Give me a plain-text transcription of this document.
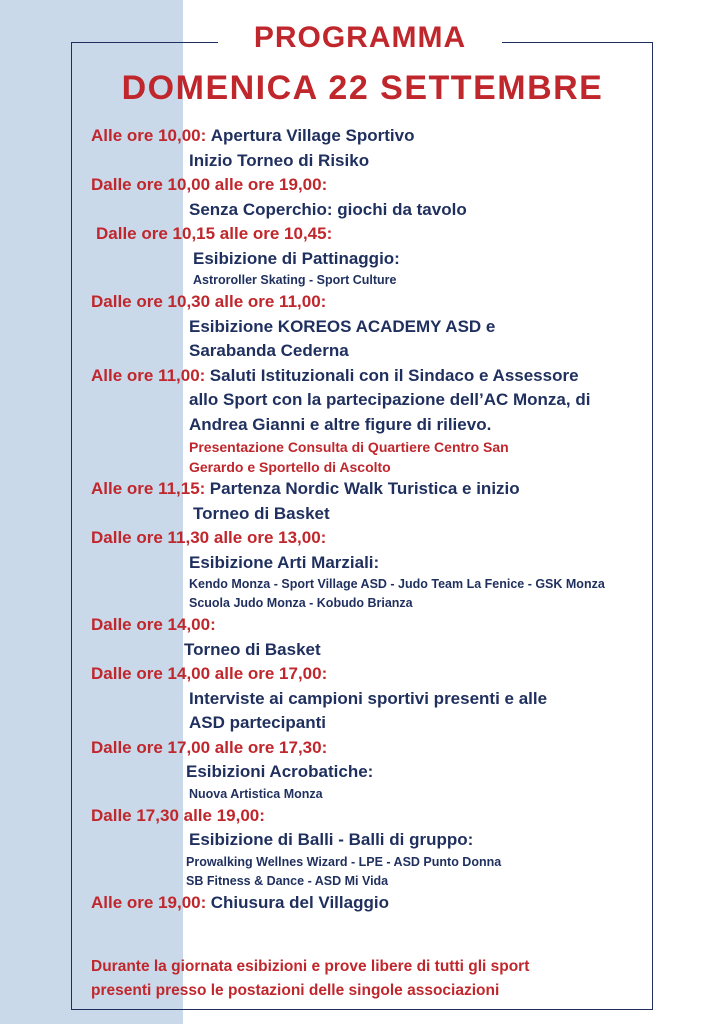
PROGRAMMA
DOMENICA 22 SETTEMBRE
Alle ore 10,00: Apertura Village Sportivo
Inizio Torneo di Risiko
Dalle ore 10,00 alle ore 19,00:
Senza Coperchio: giochi da tavolo
Dalle ore 10,15 alle ore 10,45:
Esibizione di Pattinaggio:
Astroroller Skating - Sport Culture
Dalle ore 10,30 alle ore 11,00:
Esibizione KOREOS ACADEMY ASD e
Sarabanda Cederna
Alle ore 11,00: Saluti Istituzionali con il Sindaco e Assessore
allo Sport con la partecipazione dell’AC Monza, di
Andrea Gianni e altre figure di rilievo.
Presentazione Consulta di Quartiere Centro San
Gerardo e Sportello di Ascolto
Alle ore 11,15: Partenza Nordic Walk Turistica e inizio
Torneo di Basket
Dalle ore 11,30 alle ore 13,00:
Esibizione Arti Marziali:
Kendo Monza - Sport Village ASD - Judo Team La Fenice - GSK Monza
Scuola Judo Monza - Kobudo Brianza
Dalle ore 14,00:
Torneo di Basket
Dalle ore 14,00 alle ore 17,00:
Interviste ai campioni sportivi presenti e alle
ASD partecipanti
Dalle ore 17,00 alle ore 17,30:
Esibizioni Acrobatiche:
Nuova Artistica Monza
Dalle 17,30 alle 19,00:
Esibizione di Balli - Balli di gruppo:
Prowalking Wellnes Wizard - LPE - ASD Punto Donna
SB Fitness & Dance - ASD Mi Vida
Alle ore 19,00: Chiusura del Villaggio
Durante la giornata esibizioni e prove libere di tutti gli sport
presenti presso le postazioni delle singole associazioni
